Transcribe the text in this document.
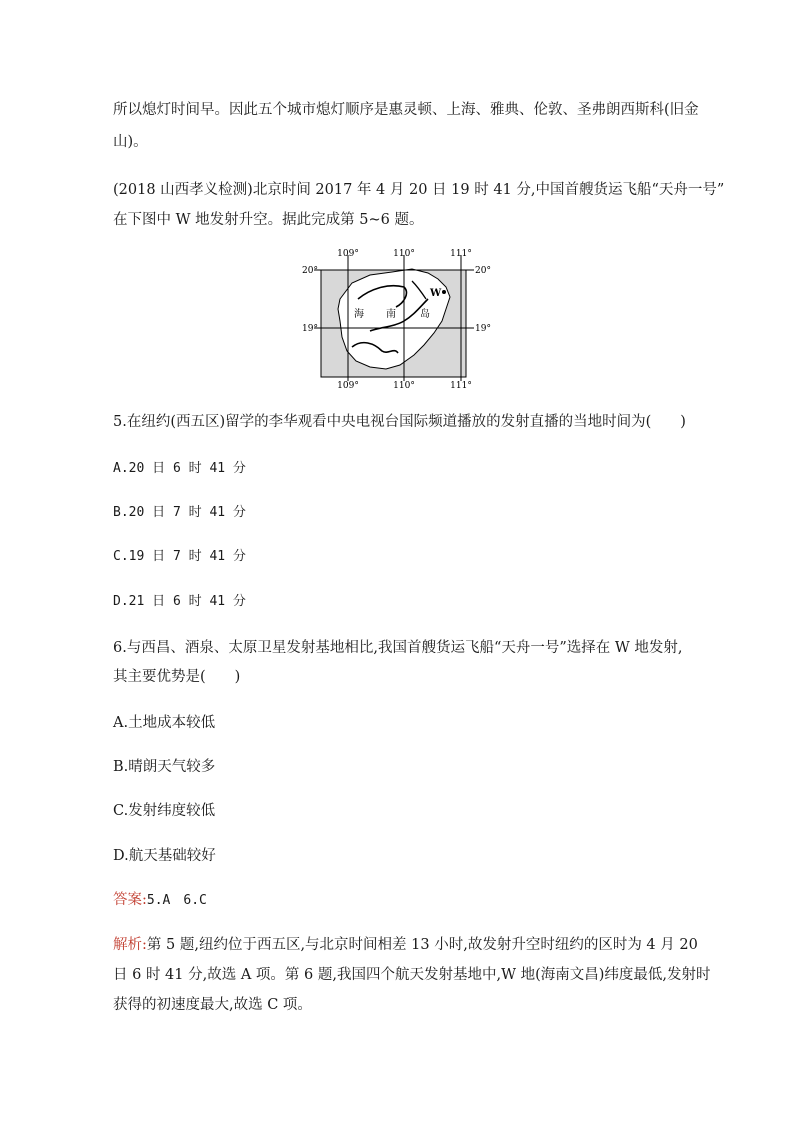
所以熄灯时间早。因此五个城市熄灯顺序是惠灵顿、上海、雅典、伦敦、圣弗朗西斯科(旧金
山)。
(2018 山西孝义检测)北京时间 2017 年 4 月 20 日 19 时 41 分,中国首艘货运飞船“天舟一号”
在下图中 W 地发射升空。据此完成第 5~6 题。
109°	110°	111°
109°	110°	111°
20°
19°
20°
19°
海 南 岛
W
5.在纽约(西五区)留学的李华观看中央电视台国际频道播放的发射直播的当地时间为(　　)
A.20 日 6 时 41 分
B.20 日 7 时 41 分
C.19 日 7 时 41 分
D.21 日 6 时 41 分
6.与西昌、酒泉、太原卫星发射基地相比,我国首艘货运飞船“天舟一号”选择在 W 地发射,
其主要优势是(　　)
A.土地成本较低
B.晴朗天气较多
C.发射纬度较低
D.航天基础较好
答案:5.A　6.C
解析:第 5 题,纽约位于西五区,与北京时间相差 13 小时,故发射升空时纽约的区时为 4 月 20
日 6 时 41 分,故选 A 项。第 6 题,我国四个航天发射基地中,W 地(海南文昌)纬度最低,发射时
获得的初速度最大,故选 C 项。
